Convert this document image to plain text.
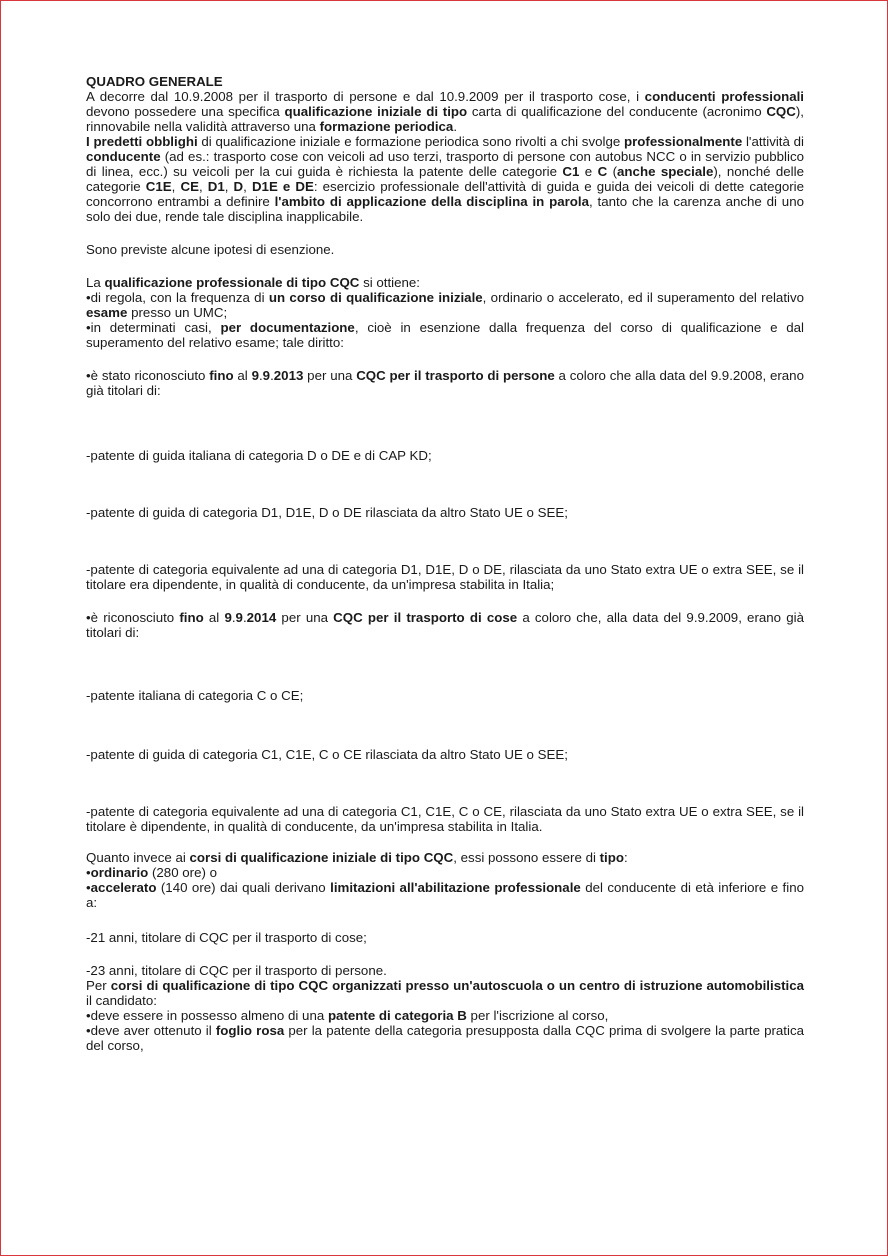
QUADRO GENERALE

A decorre dal 10.9.2008 per il trasporto di persone e dal 10.9.2009 per il trasporto cose, i conducenti professionali devono possedere una specifica qualificazione iniziale di tipo carta di qualificazione del conducente (acronimo CQC), rinnovabile nella validità attraverso una formazione periodica.

I predetti obblighi di qualificazione iniziale e formazione periodica sono rivolti a chi svolge professionalmente l'attività di conducente (ad es.: trasporto cose con veicoli ad uso terzi, trasporto di persone con autobus NCC o in servizio pubblico di linea, ecc.) su veicoli per la cui guida è richiesta la patente delle categorie C1 e C (anche speciale), nonché delle categorie C1E, CE, D1, D, D1E e DE: esercizio professionale dell'attività di guida e guida dei veicoli di dette categorie concorrono entrambi a definire l'ambito di applicazione della disciplina in parola, tanto che la carenza anche di uno solo dei due, rende tale disciplina inapplicabile.

Sono previste alcune ipotesi di esenzione.

La qualificazione professionale di tipo CQC si ottiene:

•di regola, con la frequenza di un corso di qualificazione iniziale, ordinario o accelerato, ed il superamento del relativo esame presso un UMC;

•in determinati casi, per documentazione, cioè in esenzione dalla frequenza del corso di qualificazione e dal superamento del relativo esame; tale diritto:

•è stato riconosciuto fino al 9.9.2013 per una CQC per il trasporto di persone a coloro che alla data del 9.9.2008, erano già titolari di:

-patente di guida italiana di categoria D o DE e di CAP KD;

-patente di guida di categoria D1, D1E, D o DE rilasciata da altro Stato UE o SEE;

-patente di categoria equivalente ad una di categoria D1, D1E, D o DE, rilasciata da uno Stato extra UE o extra SEE, se il titolare era dipendente, in qualità di conducente, da un'impresa stabilita in Italia;

•è riconosciuto fino al 9.9.2014 per una CQC per il trasporto di cose a coloro che, alla data del 9.9.2009, erano già titolari di:

-patente italiana di categoria C o CE;

-patente di guida di categoria C1, C1E, C o CE rilasciata da altro Stato UE o SEE;

-patente di categoria equivalente ad una di categoria C1, C1E, C o CE, rilasciata da uno Stato extra UE o extra SEE, se il titolare è dipendente, in qualità di conducente, da un'impresa stabilita in Italia.

Quanto invece ai corsi di qualificazione iniziale di tipo CQC, essi possono essere di tipo:

•ordinario (280 ore) o

•accelerato (140 ore) dai quali derivano limitazioni all'abilitazione professionale del conducente di età inferiore e fino a:

-21 anni, titolare di CQC per il trasporto di cose;

-23 anni, titolare di CQC per il trasporto di persone.

Per corsi di qualificazione di tipo CQC organizzati presso un'autoscuola o un centro di istruzione automobilistica il candidato:

•deve essere in possesso almeno di una patente di categoria B per l'iscrizione al corso,

•deve aver ottenuto il foglio rosa per la patente della categoria presupposta dalla CQC prima di svolgere la parte pratica del corso,
